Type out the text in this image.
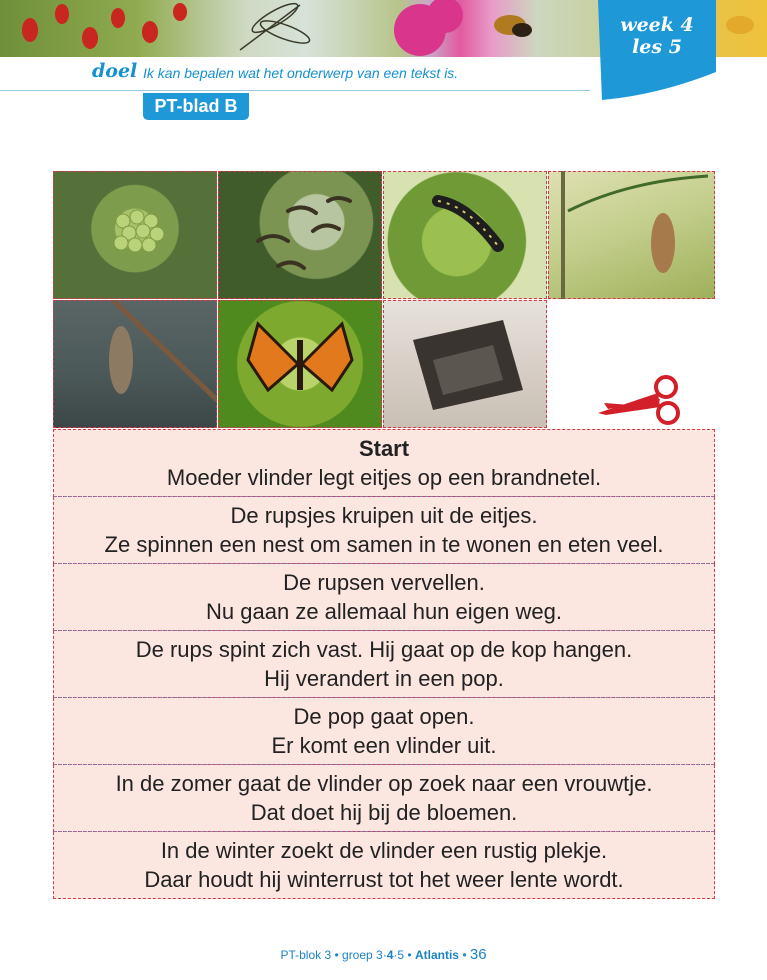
week 4
les 5
doel Ik kan bepalen wat het onderwerp van een tekst is.
PT-blad B
Start
Moeder vlinder legt eitjes op een brandnetel.
De rupsjes kruipen uit de eitjes.
Ze spinnen een nest om samen in te wonen en eten veel.
De rupsen vervellen.
Nu gaan ze allemaal hun eigen weg.
De rups spint zich vast. Hij gaat op de kop hangen.
Hij verandert in een pop.
De pop gaat open.
Er komt een vlinder uit.
In de zomer gaat de vlinder op zoek naar een vrouwtje.
Dat doet hij bij de bloemen.
In de winter zoekt de vlinder een rustig plekje.
Daar houdt hij winterrust tot het weer lente wordt.
PT-blok 3 • groep 3·4·5 • Atlantis • 36
